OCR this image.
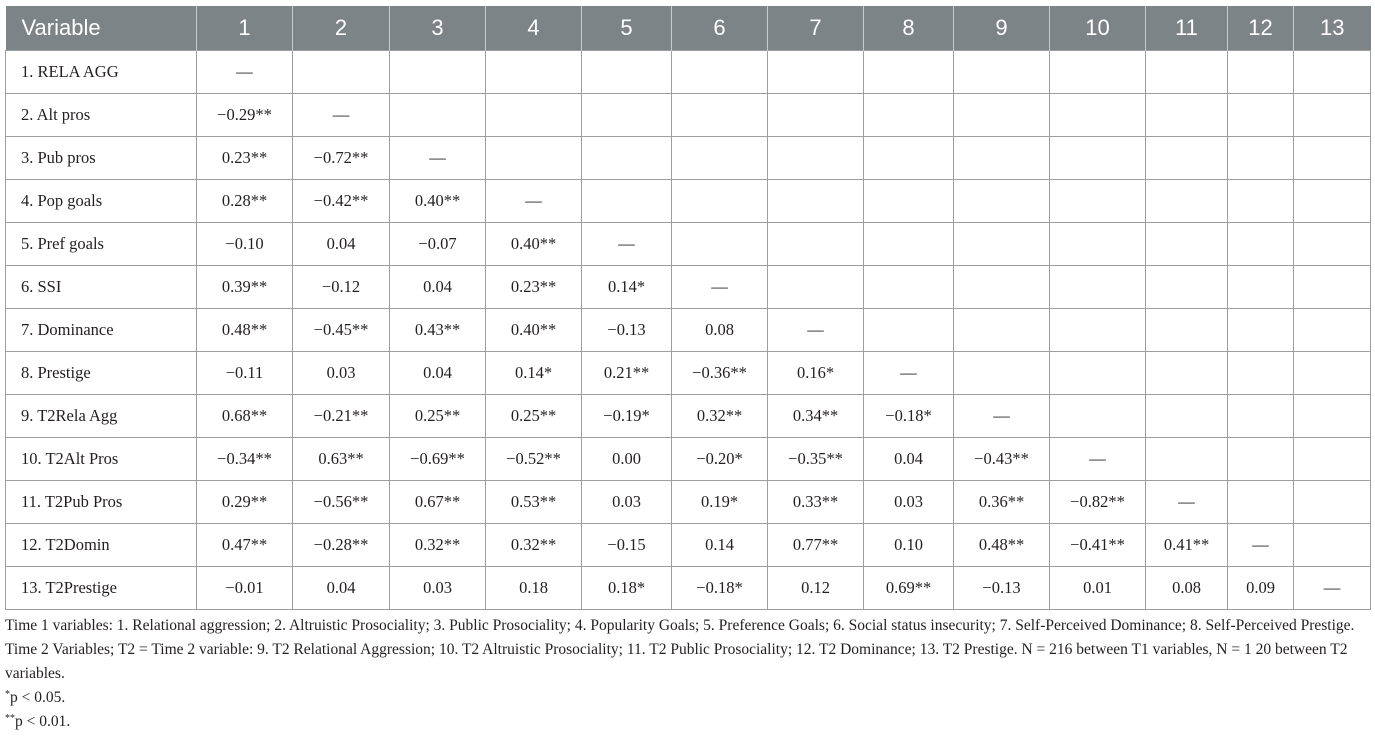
Variable	1	2	3	4	5	6	7	8	9	10	11	12	13
1. RELA AGG	—												
2. Alt pros	−0.29**	—											
3. Pub pros	0.23**	−0.72**	—										
4. Pop goals	0.28**	−0.42**	0.40**	—									
5. Pref goals	−0.10	0.04	−0.07	0.40**	—								
6. SSI	0.39**	−0.12	0.04	0.23**	0.14*	—							
7. Dominance	0.48**	−0.45**	0.43**	0.40**	−0.13	0.08	—						
8. Prestige	−0.11	0.03	0.04	0.14*	0.21**	−0.36**	0.16*	—					
9. T2Rela Agg	0.68**	−0.21**	0.25**	0.25**	−0.19*	0.32**	0.34**	−0.18*	—				
10. T2Alt Pros	−0.34**	0.63**	−0.69**	−0.52**	0.00	−0.20*	−0.35**	0.04	−0.43**	—			
11. T2Pub Pros	0.29**	−0.56**	0.67**	0.53**	0.03	0.19*	0.33**	0.03	0.36**	−0.82**	—		
12. T2Domin	0.47**	−0.28**	0.32**	0.32**	−0.15	0.14	0.77**	0.10	0.48**	−0.41**	0.41**	—	
13. T2Prestige	−0.01	0.04	0.03	0.18	0.18*	−0.18*	0.12	0.69**	−0.13	0.01	0.08	0.09	—

Time 1 variables: 1. Relational aggression; 2. Altruistic Prosociality; 3. Public Prosociality; 4. Popularity Goals; 5. Preference Goals; 6. Social status insecurity; 7. Self-Perceived Dominance; 8. Self-Perceived Prestige. Time 2 Variables; T2 = Time 2 variable: 9. T2 Relational Aggression; 10. T2 Altruistic Prosociality; 11. T2 Public Prosociality; 12. T2 Dominance; 13. T2 Prestige. N = 216 between T1 variables, N = 1 20 between T2 variables.

*p < 0.05.

**p < 0.01.
